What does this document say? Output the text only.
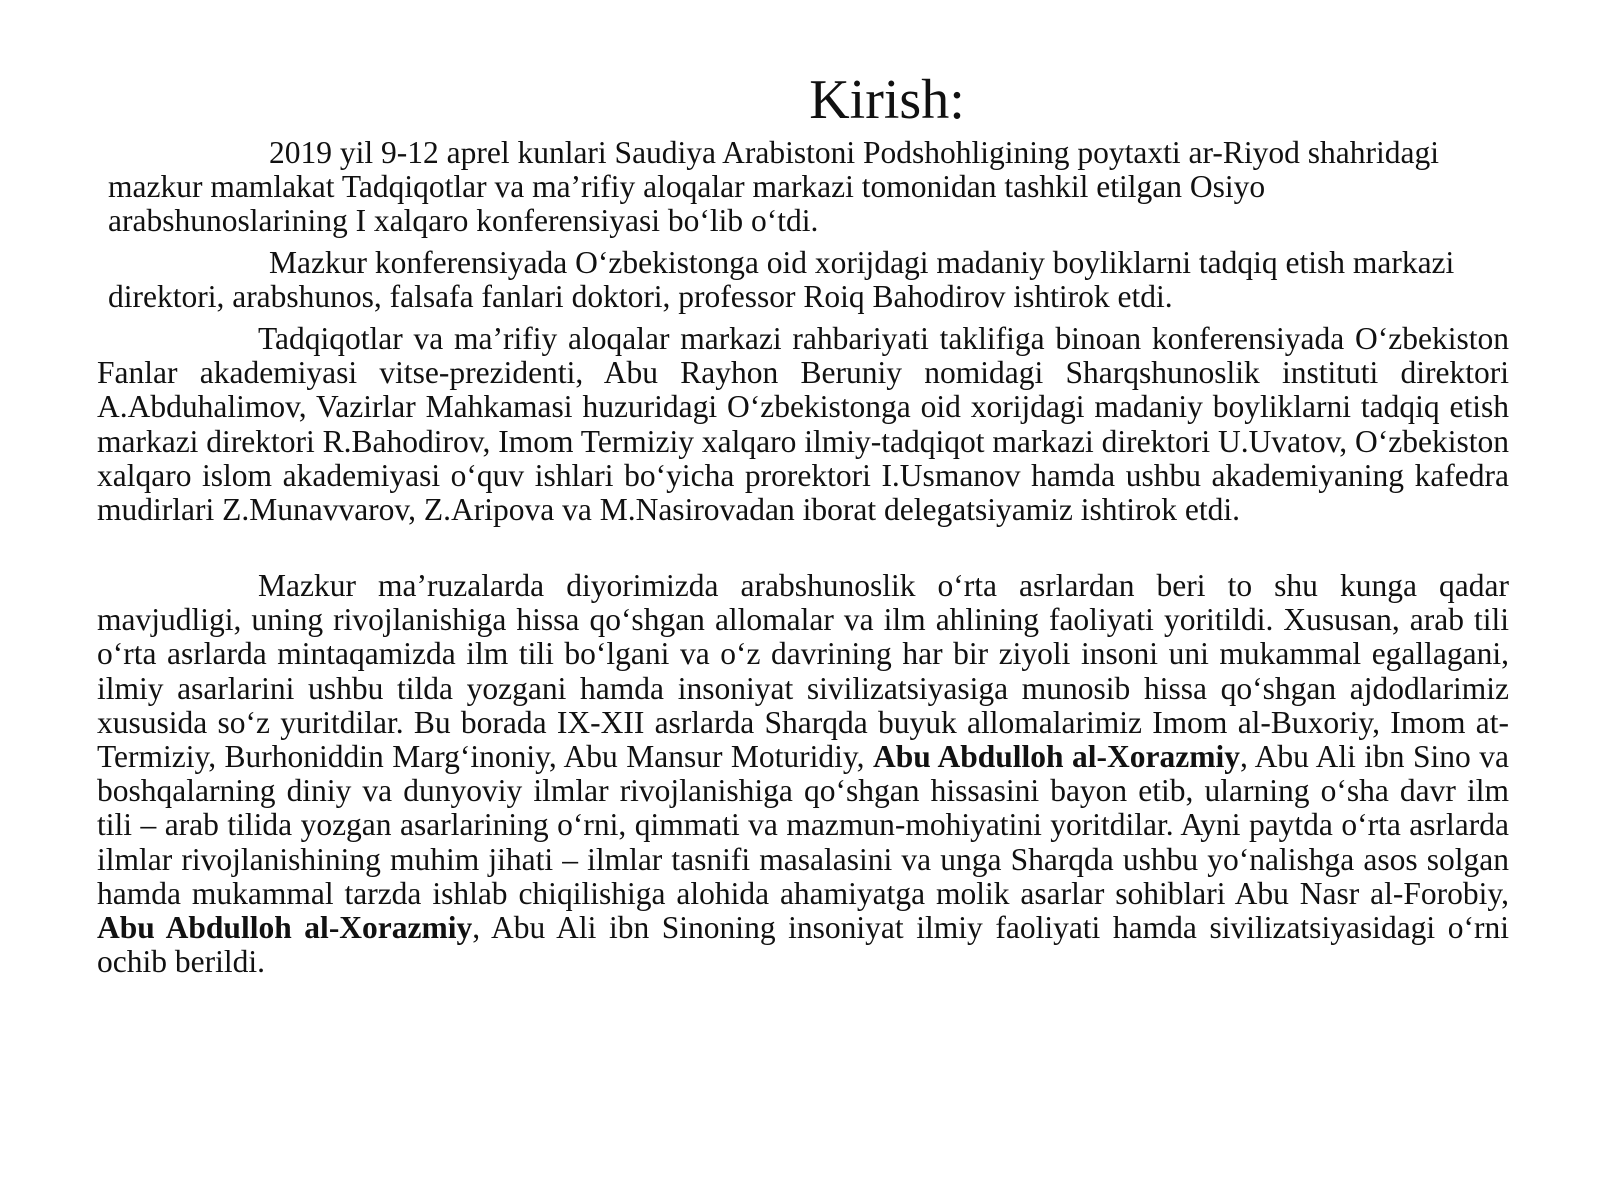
Kirish:

2019 yil 9-12 aprel kunlari Saudiya Arabistoni Podshohligining poytaxti ar-Riyod shahridagi mazkur mamlakat Tadqiqotlar va ma’rifiy aloqalar markazi tomonidan tashkil etilgan Osiyo arabshunoslarining I xalqaro konferensiyasi bo‘lib o‘tdi.

Mazkur konferensiyada O‘zbekistonga oid xorijdagi madaniy boyliklarni tadqiq etish markazi direktori, arabshunos, falsafa fanlari doktori, professor Roiq Bahodirov ishtirok etdi.

Tadqiqotlar va ma’rifiy aloqalar markazi rahbariyati taklifiga binoan konferensiyada O‘zbekiston Fanlar akademiyasi vitse-prezidenti, Abu Rayhon Beruniy nomidagi Sharqshunoslik instituti direktori A.Abduhalimov, Vazirlar Mahkamasi huzuridagi O‘zbekistonga oid xorijdagi madaniy boyliklarni tadqiq etish markazi direktori R.Bahodirov, Imom Termiziy xalqaro ilmiy-tadqiqot markazi direktori U.Uvatov, O‘zbekiston xalqaro islom akademiyasi o‘quv ishlari bo‘yicha prorektori I.Usmanov hamda ushbu akademiyaning kafedra mudirlari Z.Munavvarov, Z.Aripova va M.Nasirovadan iborat delegatsiyamiz ishtirok etdi.

Mazkur ma’ruzalarda diyorimizda arabshunoslik o‘rta asrlardan beri to shu kunga qadar mavjudligi, uning rivojlanishiga hissa qo‘shgan allomalar va ilm ahlining faoliyati yoritildi. Xususan, arab tili o‘rta asrlarda mintaqamizda ilm tili bo‘lgani va o‘z davrining har bir ziyoli insoni uni mukammal egallagani, ilmiy asarlarini ushbu tilda yozgani hamda insoniyat sivilizatsiyasiga munosib hissa qo‘shgan ajdodlarimiz xususida so‘z yuritdilar. Bu borada IX-XII asrlarda Sharqda buyuk allomalarimiz Imom al-Buxoriy, Imom at-Termiziy, Burhoniddin Marg‘inoniy, Abu Mansur Moturidiy, Abu Abdulloh al-Xorazmiy, Abu Ali ibn Sino va boshqalarning diniy va dunyoviy ilmlar rivojlanishiga qo‘shgan hissasini bayon etib, ularning o‘sha davr ilm tili – arab tilida yozgan asarlarining o‘rni, qimmati va mazmun-mohiyatini yoritdilar. Ayni paytda o‘rta asrlarda ilmlar rivojlanishining muhim jihati – ilmlar tasnifi masalasini va unga Sharqda ushbu yo‘nalishga asos solgan hamda mukammal tarzda ishlab chiqilishiga alohida ahamiyatga molik asarlar sohiblari Abu Nasr al-Forobiy, Abu Abdulloh al-Xorazmiy, Abu Ali ibn Sinoning insoniyat ilmiy faoliyati hamda sivilizatsiyasidagi o‘rni ochib berildi.
